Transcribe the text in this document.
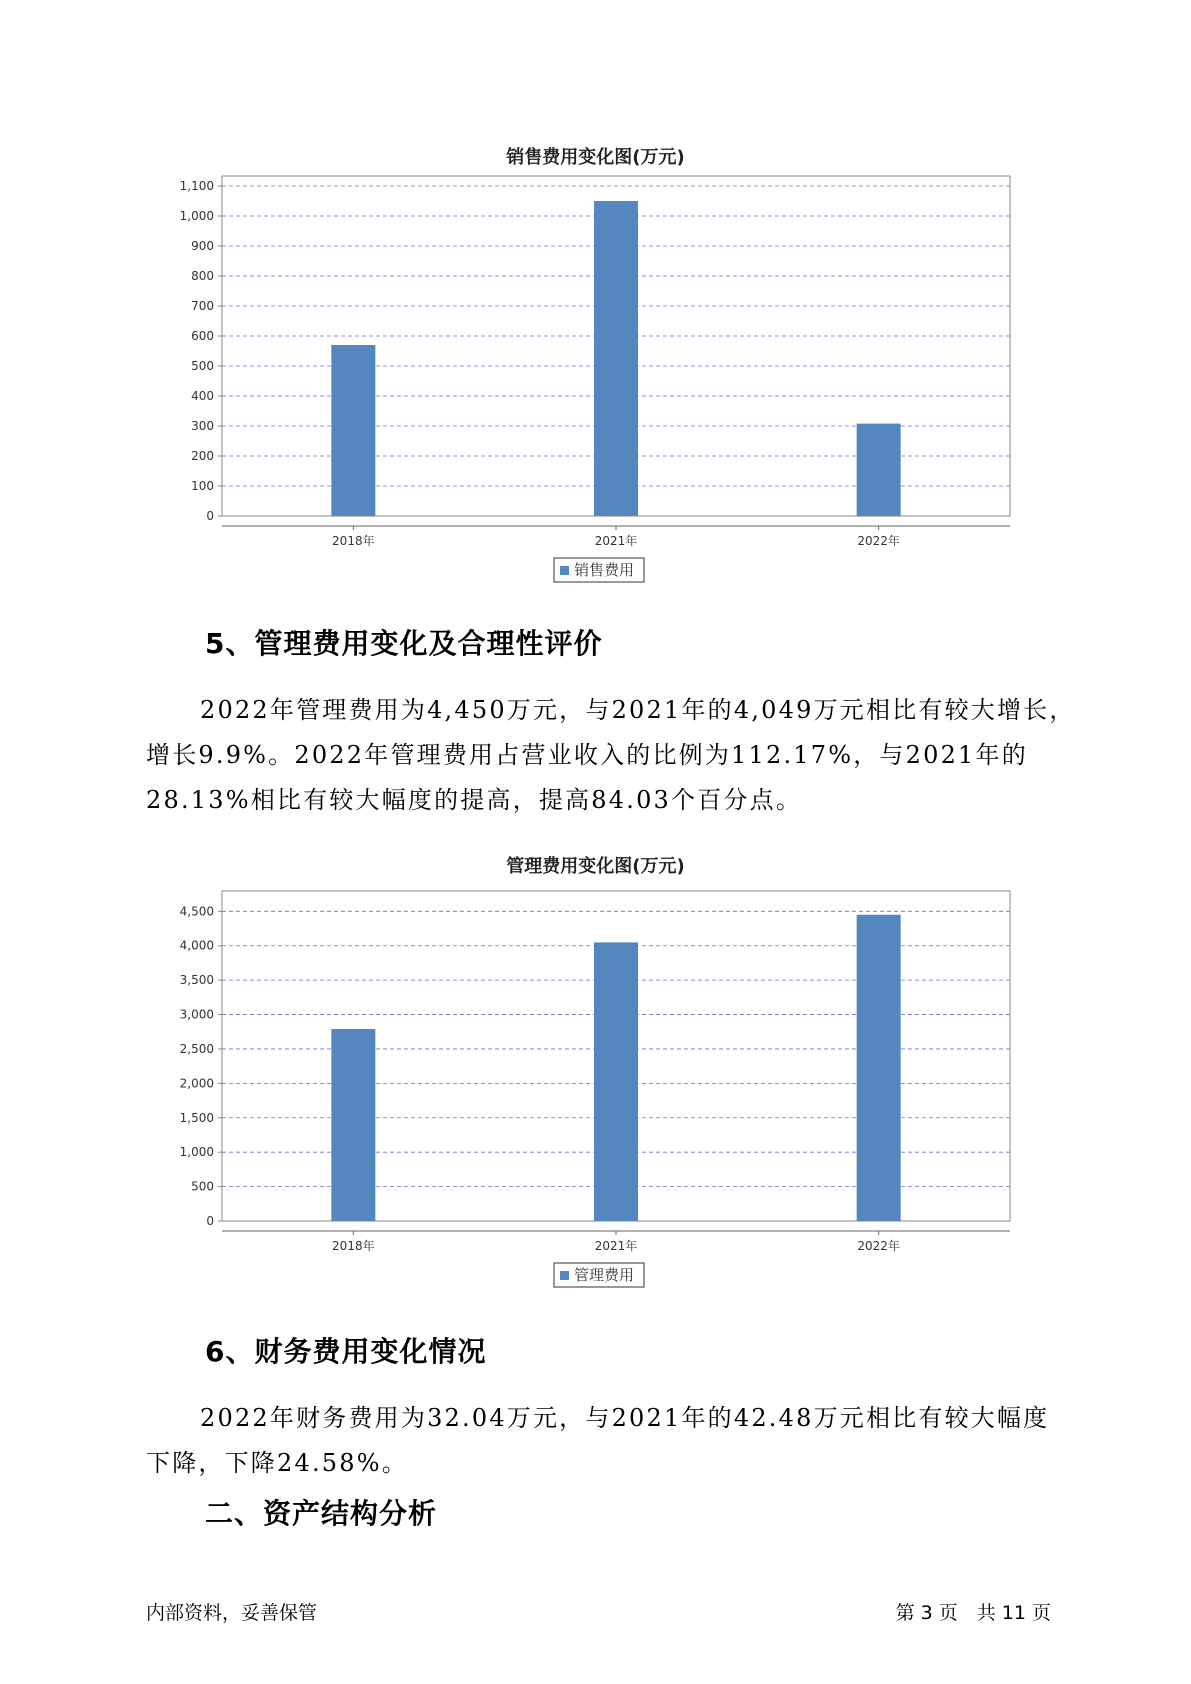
销售费用变化图(万元)
0
100
200
300
400
500
600
700
800
900
1,000
1,100
2018年	2021年	2022年
销售费用
5、管理费用变化及合理性评价
2022年管理费用为4,450万元，与2021年的4,049万元相比有较大增长，
增长9.9%。2022年管理费用占营业收入的比例为112.17%，与2021年的
28.13%相比有较大幅度的提高，提高84.03个百分点。
管理费用变化图(万元)
0
500
1,000
1,500
2,000
2,500
3,000
3,500
4,000
4,500
2018年	2021年	2022年
管理费用
6、财务费用变化情况
2022年财务费用为32.04万元，与2021年的42.48万元相比有较大幅度
下降，下降24.58%。
二、资产结构分析
内部资料，妥善保管	第 3 页　共 11 页
